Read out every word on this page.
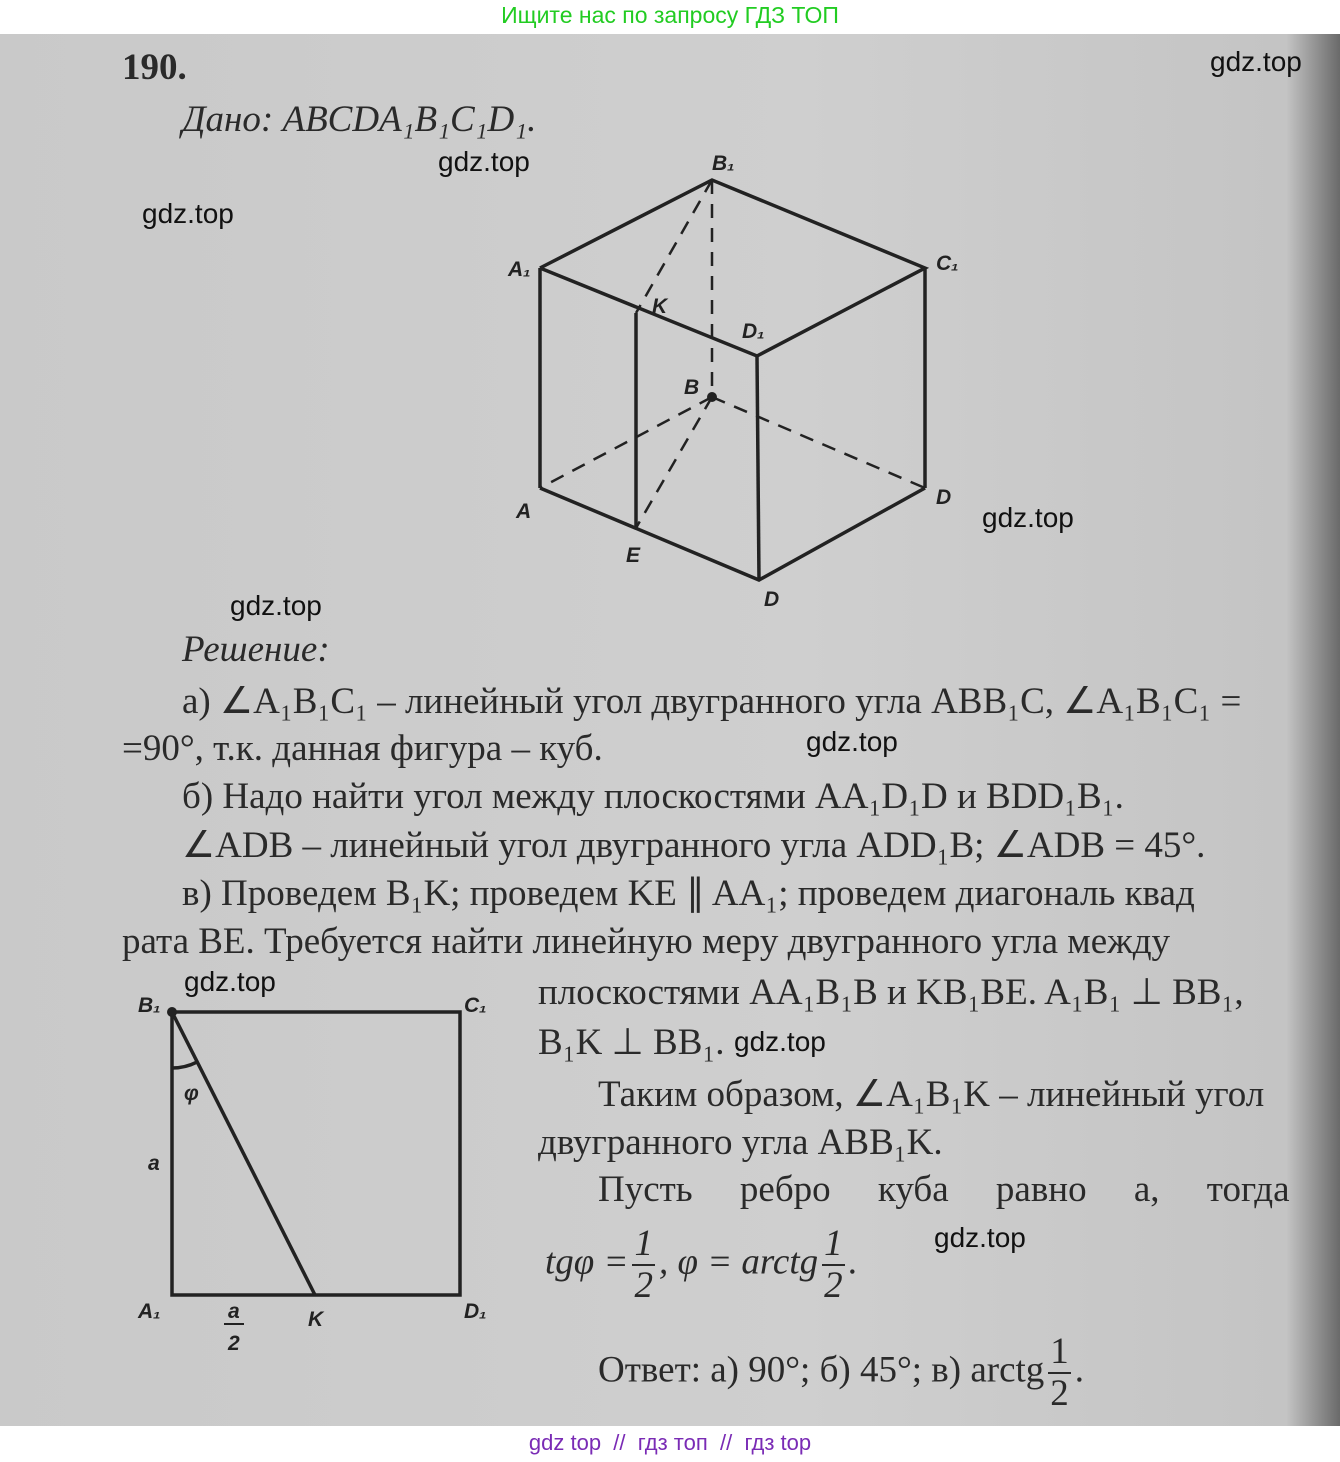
Ищите нас по запросу ГДЗ ТОП
190.
Дано: ABCDA₁B₁C₁D₁.
B₁
A₁	C₁
D₁
K
B
A
D
E
D
Решение:
а) ∠A₁B₁C₁ – линейный угол двугранного угла ABB₁C, ∠A₁B₁C₁ =
=90°, т.к. данная фигура – куб.
б) Надо найти угол между плоскостями AA₁D₁D и BDD₁B₁.
∠ADB – линейный угол двугранного угла ADD₁B; ∠ADB = 45°.
в) Проведем B₁K; проведем KE ∥ AA₁; проведем диагональ квад
рата BE. Требуется найти линейную меру двугранного угла между
плоскостями AA₁B₁B и KB₁BE. A₁B₁ ⊥ BB₁,
B₁K ⊥ BB₁.
Таким образом, ∠A₁B₁K – линейный угол
двугранного угла ABB₁K.
Пусть ребро куба равно a, тогда
B₁	C₁
A₁	D₁
K
φ
a
a
2
$tg\varphi = \frac{1}{2}$ , φ = arctg $\frac{1}{2}$ .
Ответ: а) 90°; б) 45°; в) arctg $\frac{1}{2}$ .
gdz.top
gdz.top
gdz.top
gdz.top
gdz.top
gdz.top
gdz.top
gdz.top
gdz.top
gdz top  //  гдз топ  //  гдз top
